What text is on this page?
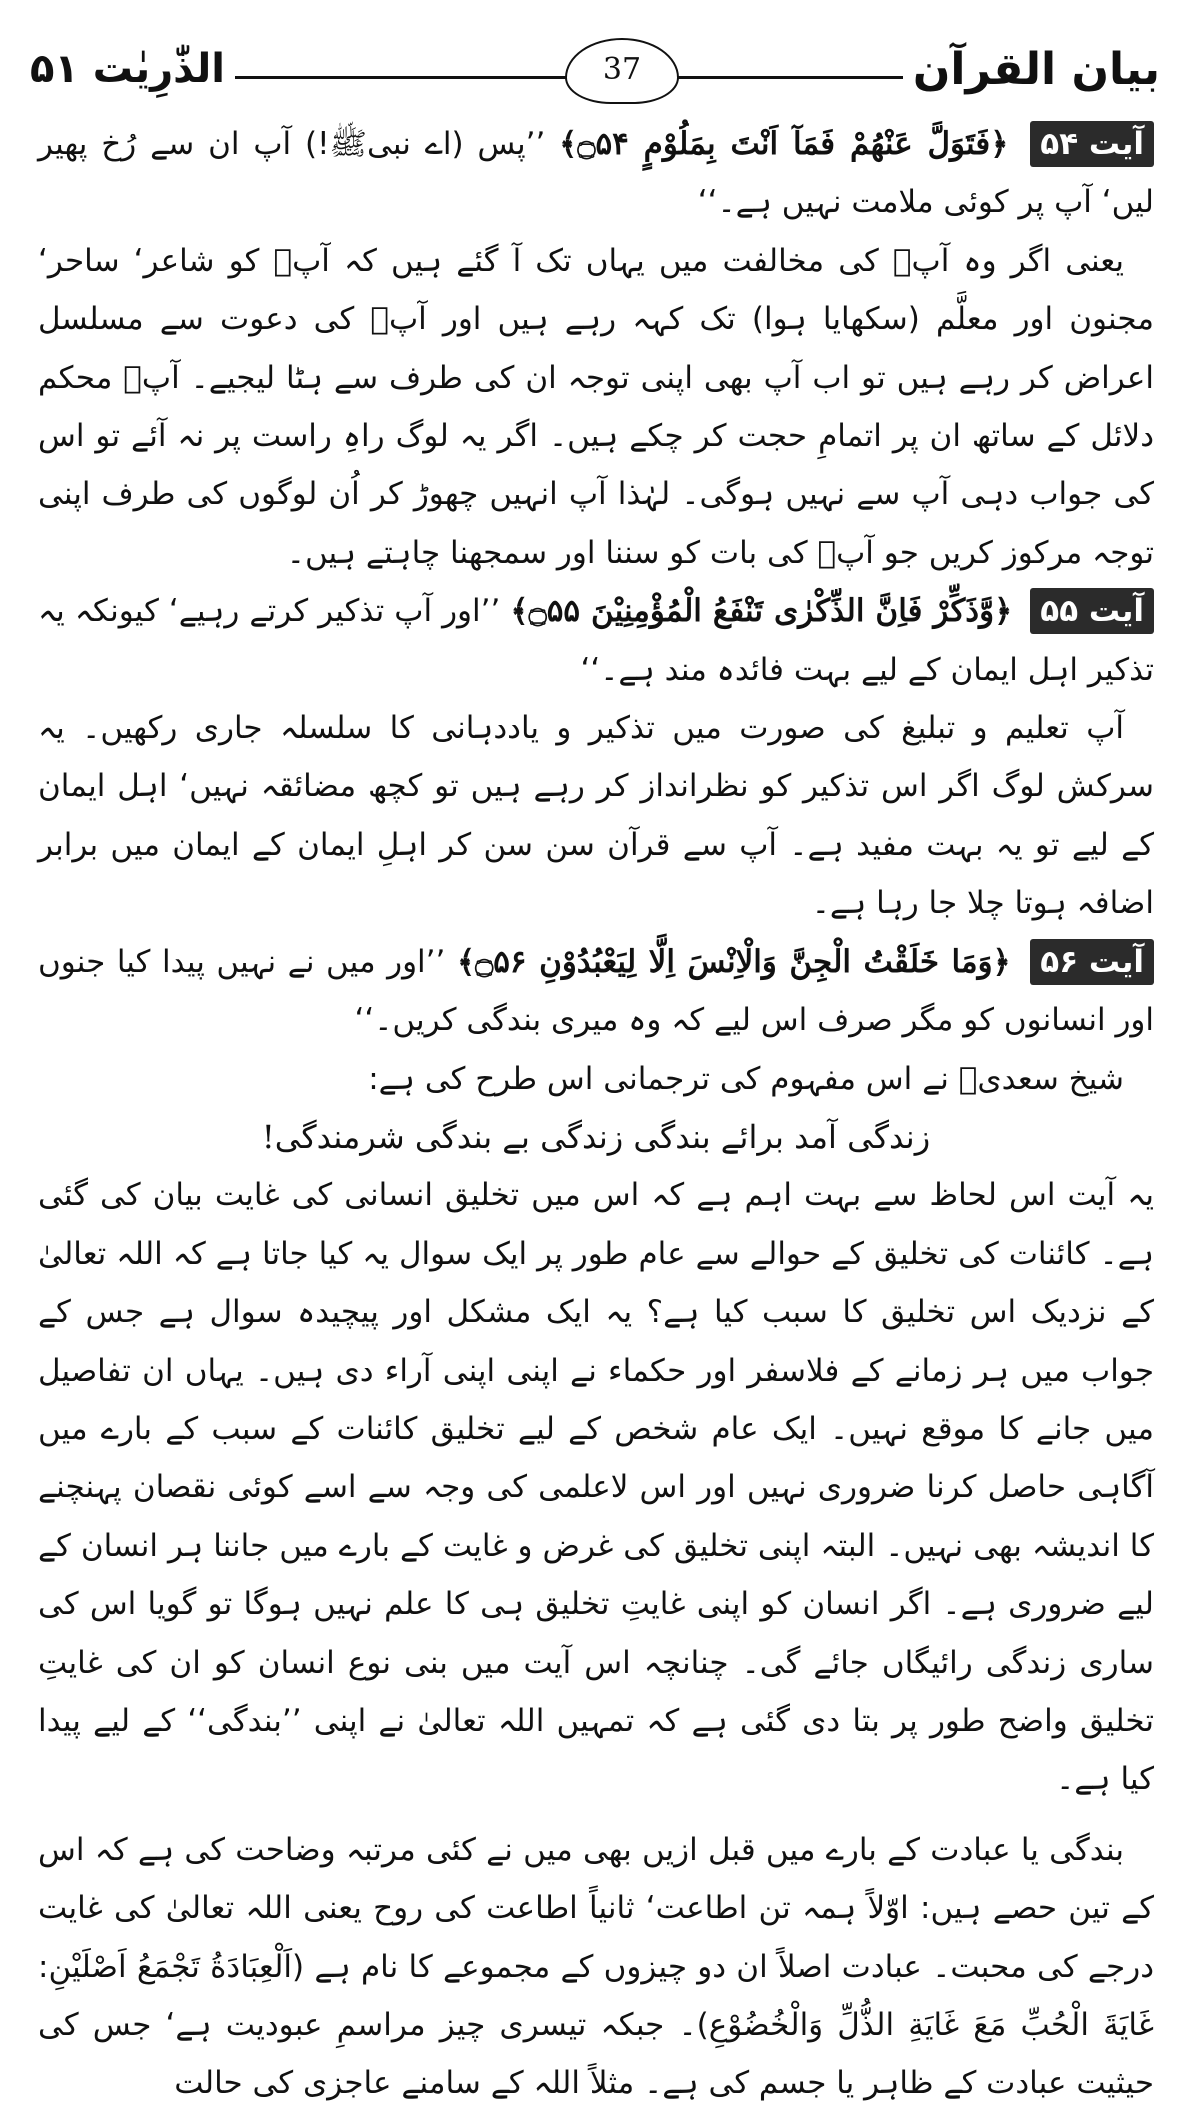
بیان القرآن
الذّٰرِیٰت ۵۱	37

آیت ۵۴ ﴿فَتَوَلَّ عَنْهُمْ فَمَآ اَنْتَ بِمَلُوْمٍ ۝۵۴﴾ ’’پس (اے نبیﷺ!) آپ ان سے رُخ پھیر لیں‘ آپ پر کوئی ملامت نہیں ہے۔‘‘

یعنی اگر وہ آپؐ کی مخالفت میں یہاں تک آ گئے ہیں کہ آپؐ کو شاعر‘ ساحر‘ مجنون اور معلَّم (سکھایا ہوا) تک کہہ رہے ہیں اور آپؐ کی دعوت سے مسلسل اعراض کر رہے ہیں تو اب آپ بھی اپنی توجہ ان کی طرف سے ہٹا لیجیے۔ آپؐ محکم دلائل کے ساتھ ان پر اتمامِ حجت کر چکے ہیں۔ اگر یہ لوگ راہِ راست پر نہ آئے تو اس کی جواب دہی آپ سے نہیں ہوگی۔ لہٰذا آپ انہیں چھوڑ کر اُن لوگوں کی طرف اپنی توجہ مرکوز کریں جو آپؐ کی بات کو سننا اور سمجھنا چاہتے ہیں۔

آیت ۵۵ ﴿وَّذَكِّرْ فَاِنَّ الذِّكْرٰى تَنْفَعُ الْمُؤْمِنِيْنَ ۝۵۵﴾ ’’اور آپ تذکیر کرتے رہیے‘ کیونکہ یہ تذکیر اہل ایمان کے لیے بہت فائدہ مند ہے۔‘‘

آپ تعلیم و تبلیغ کی صورت میں تذکیر و یاددہانی کا سلسلہ جاری رکھیں۔ یہ سرکش لوگ اگر اس تذکیر کو نظرانداز کر رہے ہیں تو کچھ مضائقہ نہیں‘ اہل ایمان کے لیے تو یہ بہت مفید ہے۔ آپ سے قرآن سن سن کر اہلِ ایمان کے ایمان میں برابر اضافہ ہوتا چلا جا رہا ہے۔

آیت ۵۶ ﴿وَمَا خَلَقْتُ الْجِنَّ وَالْاِنْسَ اِلَّا لِيَعْبُدُوْنِ ۝۵۶﴾ ’’اور میں نے نہیں پیدا کیا جنوں اور انسانوں کو مگر صرف اس لیے کہ وہ میری بندگی کریں۔‘‘

شیخ سعدیؒ نے اس مفہوم کی ترجمانی اس طرح کی ہے:

زندگی آمد برائے بندگی زندگی بے بندگی شرمندگی!

یہ آیت اس لحاظ سے بہت اہم ہے کہ اس میں تخلیق انسانی کی غایت بیان کی گئی ہے۔ کائنات کی تخلیق کے حوالے سے عام طور پر ایک سوال یہ کیا جاتا ہے کہ اللہ تعالیٰ کے نزدیک اس تخلیق کا سبب کیا ہے؟ یہ ایک مشکل اور پیچیدہ سوال ہے جس کے جواب میں ہر زمانے کے فلاسفر اور حکماء نے اپنی اپنی آراء دی ہیں۔ یہاں ان تفاصیل میں جانے کا موقع نہیں۔ ایک عام شخص کے لیے تخلیق کائنات کے سبب کے بارے میں آگاہی حاصل کرنا ضروری نہیں اور اس لاعلمی کی وجہ سے اسے کوئی نقصان پہنچنے کا اندیشہ بھی نہیں۔ البتہ اپنی تخلیق کی غرض و غایت کے بارے میں جاننا ہر انسان کے لیے ضروری ہے۔ اگر انسان کو اپنی غایتِ تخلیق ہی کا علم نہیں ہوگا تو گویا اس کی ساری زندگی رائیگاں جائے گی۔ چنانچہ اس آیت میں بنی نوع انسان کو ان کی غایتِ تخلیق واضح طور پر بتا دی گئی ہے کہ تمہیں اللہ تعالیٰ نے اپنی ’’بندگی‘‘ کے لیے پیدا کیا ہے۔

بندگی یا عبادت کے بارے میں قبل ازیں بھی میں نے کئی مرتبہ وضاحت کی ہے کہ اس کے تین حصے ہیں: اوّلاً ہمہ تن اطاعت‘ ثانیاً اطاعت کی روح یعنی اللہ تعالیٰ کی غایت درجے کی محبت۔ عبادت اصلاً ان دو چیزوں کے مجموعے کا نام ہے (اَلْعِبَادَةُ تَجْمَعُ اَصْلَيْنِ: غَايَةَ الْحُبِّ مَعَ غَايَةِ الذُّلِّ وَالْخُضُوْعِ)۔ جبکہ تیسری چیز مراسمِ عبودیت ہے‘ جس کی حیثیت عبادت کے ظاہر یا جسم کی ہے۔ مثلاً اللہ کے سامنے عاجزی کی حالت
